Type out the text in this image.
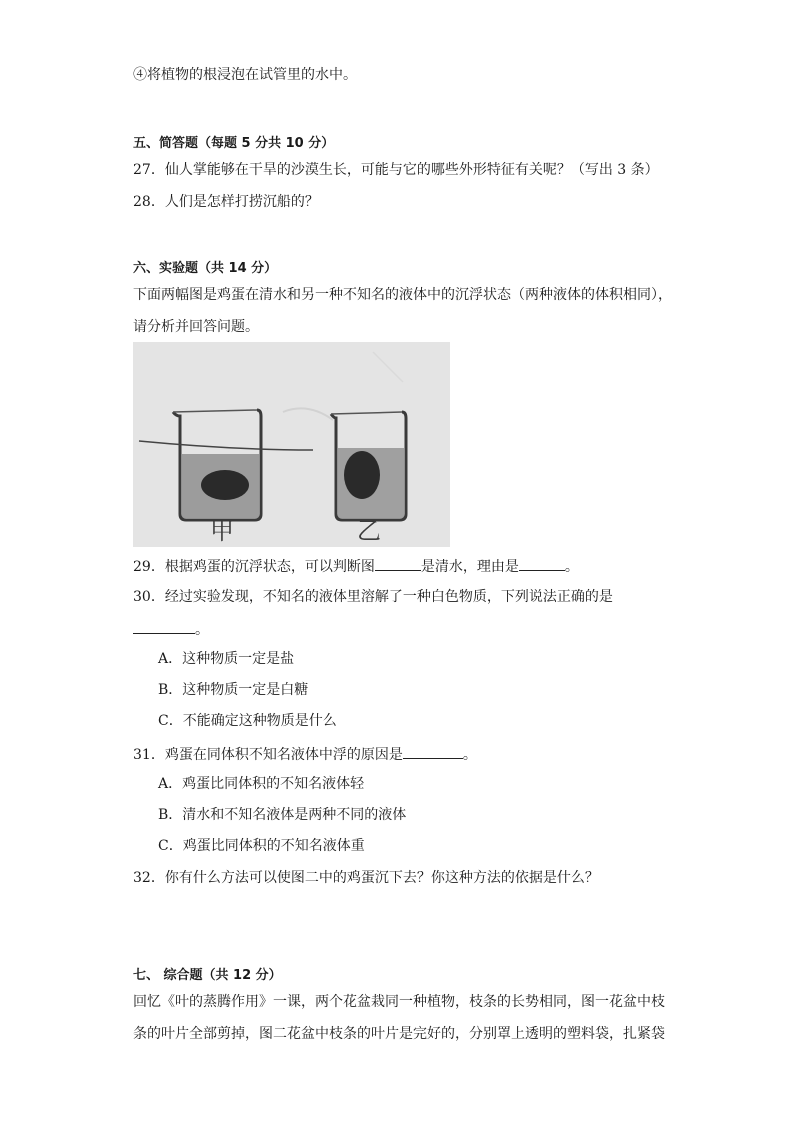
④将植物的根浸泡在试管里的水中。
五、简答题（每题 5 分共 10 分）
27．仙人掌能够在干旱的沙漠生长，可能与它的哪些外形特征有关呢？（写出 3 条）
28．人们是怎样打捞沉船的？
六、实验题（共 14 分）
下面两幅图是鸡蛋在清水和另一种不知名的液体中的沉浮状态（两种液体的体积相同），
请分析并回答问题。
甲	乙
29．根据鸡蛋的沉浮状态，可以判断图	是清水，理由是	。
30．经过实验发现，不知名的液体里溶解了一种白色物质，下列说法正确的是
。
A．这种物质一定是盐
B．这种物质一定是白糖
C．不能确定这种物质是什么
31．鸡蛋在同体积不知名液体中浮的原因是	。
A．鸡蛋比同体积的不知名液体轻
B．清水和不知名液体是两种不同的液体
C．鸡蛋比同体积的不知名液体重
32．你有什么方法可以使图二中的鸡蛋沉下去？你这种方法的依据是什么？
七、 综合题（共 12 分）
回忆《叶的蒸腾作用》一课，两个花盆栽同一种植物，枝条的长势相同，图一花盆中枝
条的叶片全部剪掉，图二花盆中枝条的叶片是完好的，分别罩上透明的塑料袋，扎紧袋
